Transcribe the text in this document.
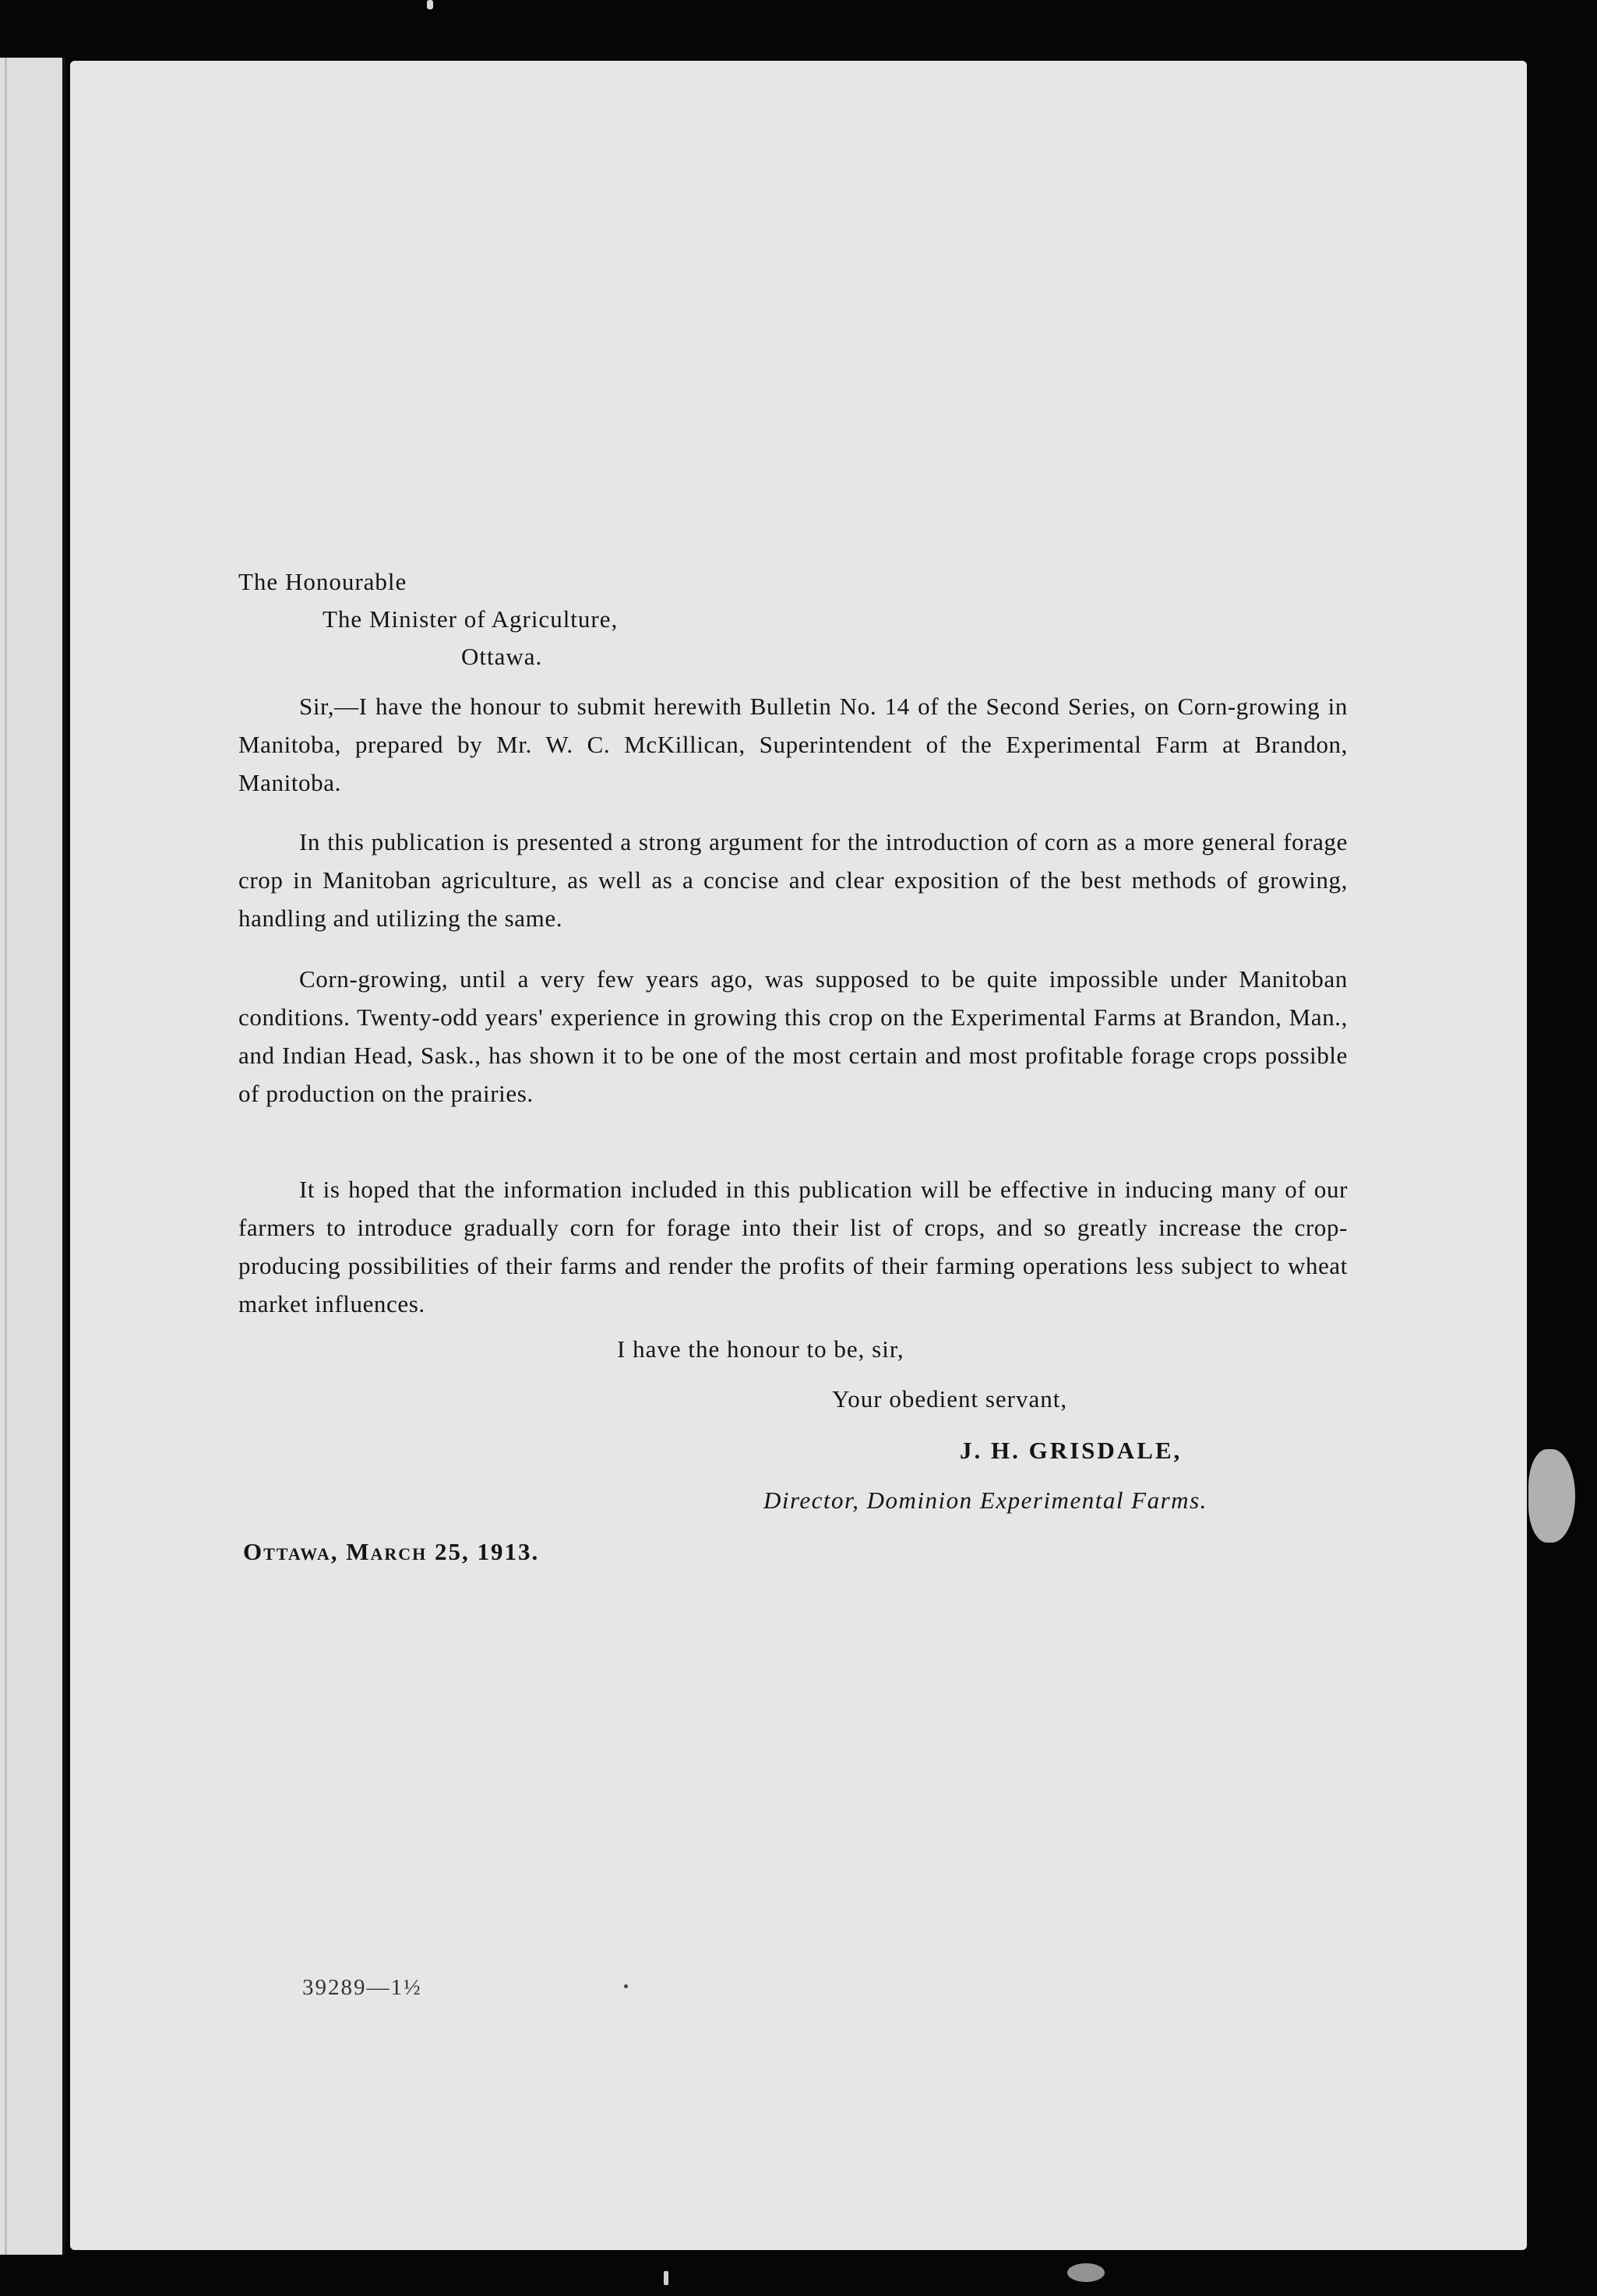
The Honourable
The Minister of Agriculture,
Ottawa.

Sir,—I have the honour to submit herewith Bulletin No. 14 of the Second Series, on Corn-growing in Manitoba, prepared by Mr. W. C. McKillican, Superintendent of the Experimental Farm at Brandon, Manitoba.

In this publication is presented a strong argument for the introduction of corn as a more general forage crop in Manitoban agriculture, as well as a concise and clear exposition of the best methods of growing, handling and utilizing the same.

Corn-growing, until a very few years ago, was supposed to be quite impossible under Manitoban conditions. Twenty-odd years' experience in growing this crop on the Experimental Farms at Brandon, Man., and Indian Head, Sask., has shown it to be one of the most certain and most profitable forage crops possible of production on the prairies.

It is hoped that the information included in this publication will be effective in inducing many of our farmers to introduce gradually corn for forage into their list of crops, and so greatly increase the crop-producing possibilities of their farms and render the profits of their farming operations less subject to wheat market influences.

I have the honour to be, sir,
Your obedient servant,
J. H. GRISDALE,
Director, Dominion Experimental Farms.
Ottawa, March 25, 1913.
39289—1½
